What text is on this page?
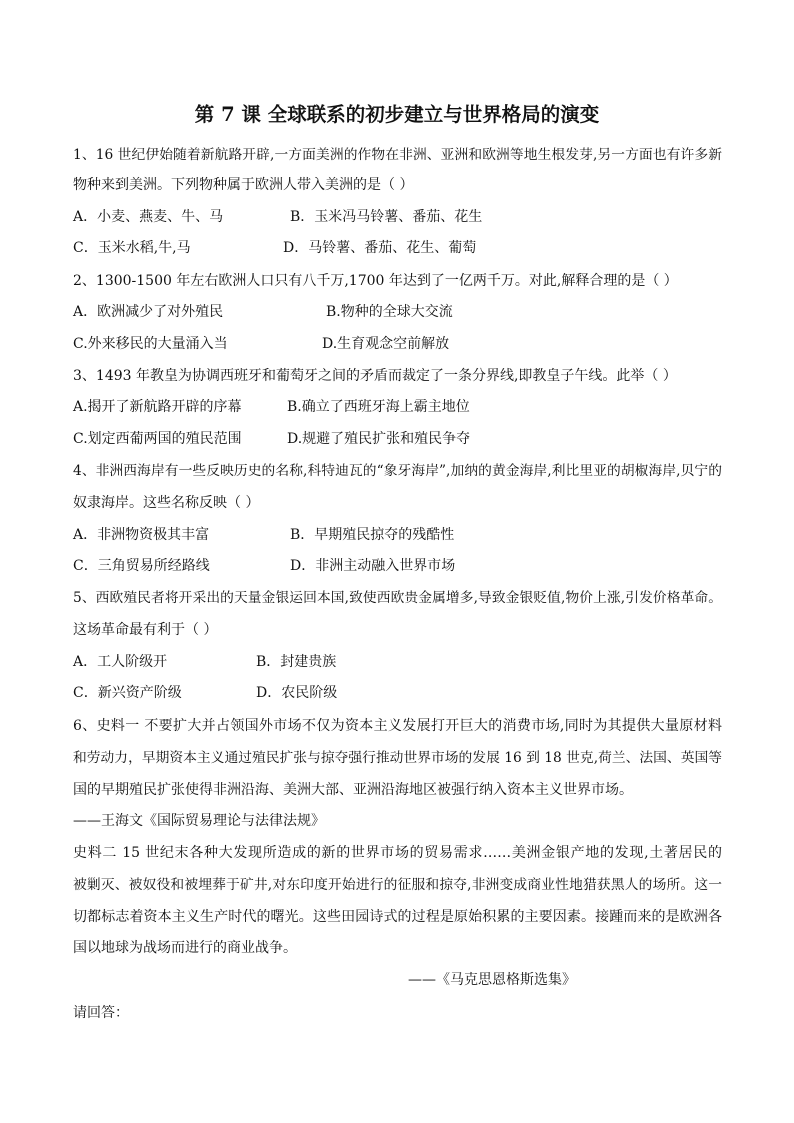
第 7 课 全球联系的初步建立与世界格局的演变
1、16 世纪伊始随着新航路开辟,一方面美洲的作物在非洲、亚洲和欧洲等地生根发芽,另一方面也有许多新
物种来到美洲。下列物种属于欧洲人带入美洲的是（ ）
A．小麦、燕麦、牛、马	B．玉米冯马铃薯、番茄、花生
C．玉米水稻,牛,马	D．马铃薯、番茄、花生、葡萄
2、1300-1500 年左右欧洲人口只有八千万,1700 年达到了一亿两千万。对此,解释合理的是（ ）
A．欧洲减少了对外殖民	B.物种的全球大交流
C.外来移民的大量涌入当	D.生育观念空前解放
3、1493 年教皇为协调西班牙和葡萄牙之间的矛盾而裁定了一条分界线,即教皇子午线。此举（ ）
A.揭开了新航路开辟的序幕	B.确立了西班牙海上霸主地位
C.划定西葡两国的殖民范围	D.规避了殖民扩张和殖民争夺
4、非洲西海岸有一些反映历史的名称,科特迪瓦的“象牙海岸”,加纳的黄金海岸,利比里亚的胡椒海岸,贝宁的
奴隶海岸。这些名称反映（ ）
A．非洲物资极其丰富	B．早期殖民掠夺的残酷性
C．三角贸易所经路线	D．非洲主动融入世界市场
5、西欧殖民者将开采出的天量金银运回本国,致使西欧贵金属增多,导致金银贬值,物价上涨,引发价格革命。
这场革命最有利于（ ）
A．工人阶级开	B．封建贵族
C．新兴资产阶级	D．农民阶级
6、史料一 不要扩大并占领国外市场不仅为资本主义发展打开巨大的消费市场,同时为其提供大量原材料
和劳动力，早期资本主义通过殖民扩张与掠夺强行推动世界市场的发展 16 到 18 世克,荷兰、法国、英国等
国的早期殖民扩张使得非洲沿海、美洲大部、亚洲沿海地区被强行纳入资本主义世界市场。
——王海文《国际贸易理论与法律法规》
史料二 15 世纪末各种大发现所造成的新的世界市场的贸易需求……美洲金银产地的发现,土著居民的
被剿灭、被奴役和被埋葬于矿井,对东印度开始进行的征服和掠夺,非洲变成商业性地猎获黑人的场所。这一
切都标志着资本主义生产时代的曙光。这些田园诗式的过程是原始积累的主要因素。接踵而来的是欧洲各
国以地球为战场而进行的商业战争。
——《马克思恩格斯选集》
请回答：
